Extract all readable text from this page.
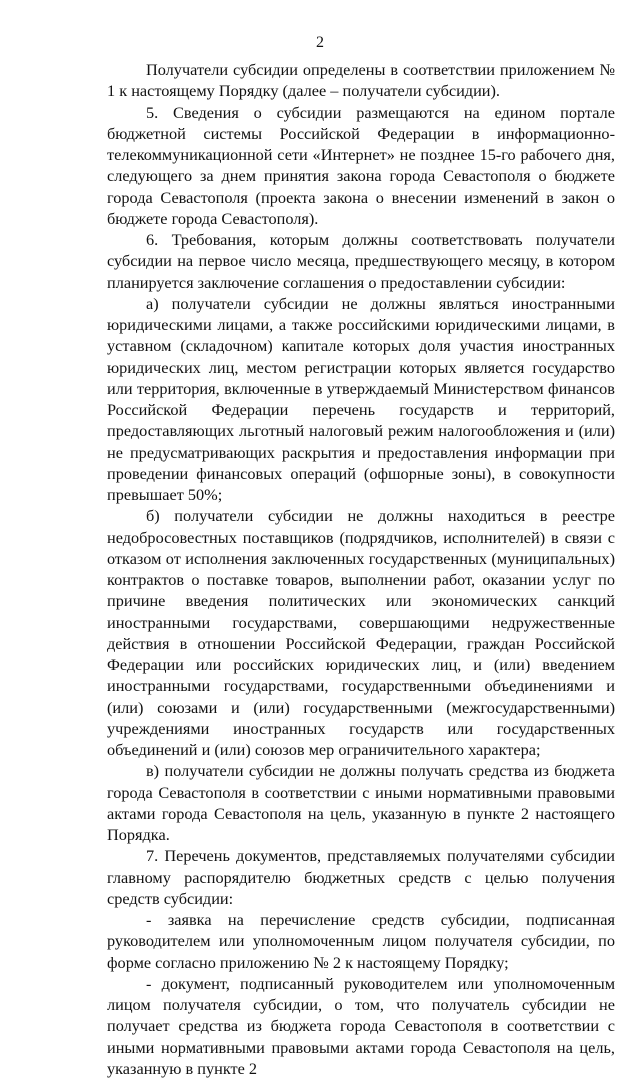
2

Получатели субсидии определены в соответствии приложением № 1 к настоящему Порядку (далее – получатели субсидии).

5. Сведения о субсидии размещаются на едином портале бюджетной системы Российской Федерации в информационно-телекоммуникационной сети «Интернет» не позднее 15-го рабочего дня, следующего за днем принятия закона города Севастополя о бюджете города Севастополя (проекта закона о внесении изменений в закон о бюджете города Севастополя).

6. Требования, которым должны соответствовать получатели субсидии на первое число месяца, предшествующего месяцу, в котором планируется заключение соглашения о предоставлении субсидии:

а) получатели субсидии не должны являться иностранными юридическими лицами, а также российскими юридическими лицами, в уставном (складочном) капитале которых доля участия иностранных юридических лиц, местом регистрации которых является государство или территория, включенные в утверждаемый Министерством финансов Российской Федерации перечень государств и территорий, предоставляющих льготный налоговый режим налогообложения и (или) не предусматривающих раскрытия и предоставления информации при проведении финансовых операций (офшорные зоны), в совокупности превышает 50%;

б) получатели субсидии не должны находиться в реестре недобросовестных поставщиков (подрядчиков, исполнителей) в связи с отказом от исполнения заключенных государственных (муниципальных) контрактов о поставке товаров, выполнении работ, оказании услуг по причине введения политических или экономических санкций иностранными государствами, совершающими недружественные действия в отношении Российской Федерации, граждан Российской Федерации или российских юридических лиц, и (или) введением иностранными государствами, государственными объединениями и (или) союзами и (или) государственными (межгосударственными) учреждениями иностранных государств или государственных объединений и (или) союзов мер ограничительного характера;

в) получатели субсидии не должны получать средства из бюджета города Севастополя в соответствии с иными нормативными правовыми актами города Севастополя на цель, указанную в пункте 2 настоящего Порядка.

7. Перечень документов, представляемых получателями субсидии главному распорядителю бюджетных средств с целью получения средств субсидии:

- заявка на перечисление средств субсидии, подписанная руководителем или уполномоченным лицом получателя субсидии, по форме согласно приложению № 2 к настоящему Порядку;

- документ, подписанный руководителем или уполномоченным лицом получателя субсидии, о том, что получатель субсидии не получает средства из бюджета города Севастополя в соответствии с иными нормативными правовыми актами города Севастополя на цель, указанную в пункте 2
